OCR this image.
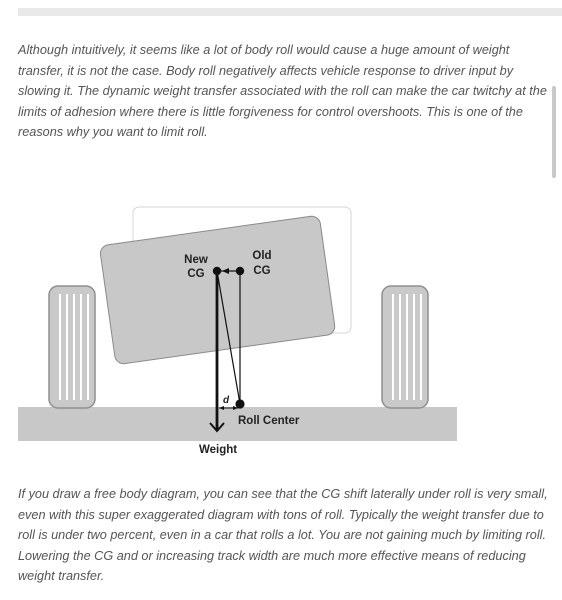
Although intuitively, it seems like a lot of body roll would cause a huge amount of weight transfer, it is not the case. Body roll negatively affects vehicle response to driver input by slowing it. The dynamic weight transfer associated with the roll can make the car twitchy at the limits of adhesion where there is little forgiveness for control overshoots. This is one of the reasons why you want to limit roll.

New
CG
Old
CG
d
Roll Center
Weight

If you draw a free body diagram, you can see that the CG shift laterally under roll is very small, even with this super exaggerated diagram with tons of roll. Typically the weight transfer due to roll is under two percent, even in a car that rolls a lot. You are not gaining much by limiting roll. Lowering the CG and or increasing track width are much more effective means of reducing weight transfer.
